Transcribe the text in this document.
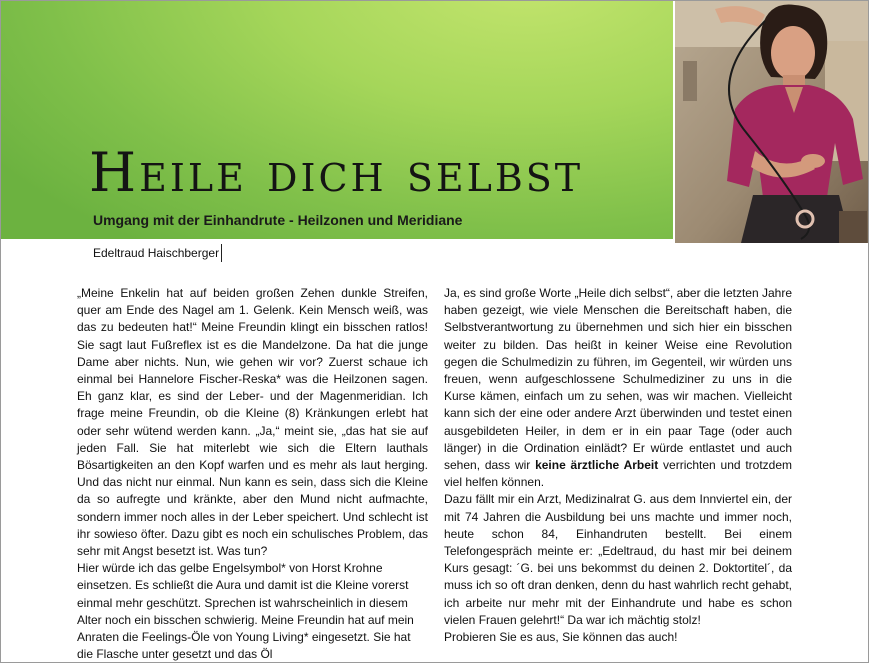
Heile dich selbst
Umgang mit der Einhandrute - Heilzonen und Meridiane
Edeltraud Haischberger

„Meine Enkelin hat auf beiden großen Zehen dunkle Streifen, quer am Ende des Nagel am 1. Gelenk. Kein Mensch weiß, was das zu bedeuten hat!“ Meine Freundin klingt ein bisschen ratlos! Sie sagt laut Fußreflex ist es die Mandelzone. Da hat die junge Dame aber nichts. Nun, wie gehen wir vor? Zuerst schaue ich einmal bei Hannelore Fischer-Reska* was die Heilzonen sagen. Eh ganz klar, es sind der Leber- und der Magenmeridian. Ich frage meine Freundin, ob die Kleine (8) Kränkungen erlebt hat oder sehr wütend werden kann. „Ja,“ meint sie, „das hat sie auf jeden Fall. Sie hat miterlebt wie sich die Eltern lauthals Bösartigkeiten an den Kopf warfen und es mehr als laut herging. Und das nicht nur einmal. Nun kann es sein, dass sich die Kleine da so aufregte und kränkte, aber den Mund nicht aufmachte, sondern immer noch alles in der Leber speichert. Und schlecht ist ihr sowieso öfter. Dazu gibt es noch ein schulisches Problem, das sehr mit Angst besetzt ist. Was tun?

Hier würde ich das gelbe Engelsymbol* von Horst Krohne einsetzen. Es schließt die Aura und damit ist die Kleine vorerst einmal mehr geschützt. Sprechen ist wahrscheinlich in diesem Alter noch ein bisschen schwierig. Meine Freundin hat auf mein Anraten die Feelings-Öle von Young Living* eingesetzt. Sie hat die Flasche unter gesetzt und das Öl

Ja, es sind große Worte „Heile dich selbst“, aber die letzten Jahre haben gezeigt, wie viele Menschen die Bereitschaft haben, die Selbstverantwortung zu übernehmen und sich hier ein bisschen weiter zu bilden. Das heißt in keiner Weise eine Revolution gegen die Schulmedizin zu führen, im Gegenteil, wir würden uns freuen, wenn aufgeschlossene Schulmediziner zu uns in die Kurse kämen, einfach um zu sehen, was wir machen. Vielleicht kann sich der eine oder andere Arzt überwinden und testet einen ausgebildeten Heiler, in dem er in ein paar Tage (oder auch länger) in die Ordination einlädt? Er würde entlastet und auch sehen, dass wir keine ärztliche Arbeit verrichten und trotzdem viel helfen können.

Dazu fällt mir ein Arzt, Medizinalrat G. aus dem Innviertel ein, der mit 74 Jahren die Ausbildung bei uns machte und immer noch, heute schon 84, Einhandruten bestellt. Bei einem Telefongespräch meinte er: „Edeltraud, du hast mir bei deinem Kurs gesagt: ´G. bei uns bekommst du deinen 2. Doktortitel´, da muss ich so oft dran denken, denn du hast wahrlich recht gehabt, ich arbeite nur mehr mit der Einhandrute und habe es schon vielen Frauen gelehrt!“ Da war ich mächtig stolz!

Probieren Sie es aus, Sie können das auch!
